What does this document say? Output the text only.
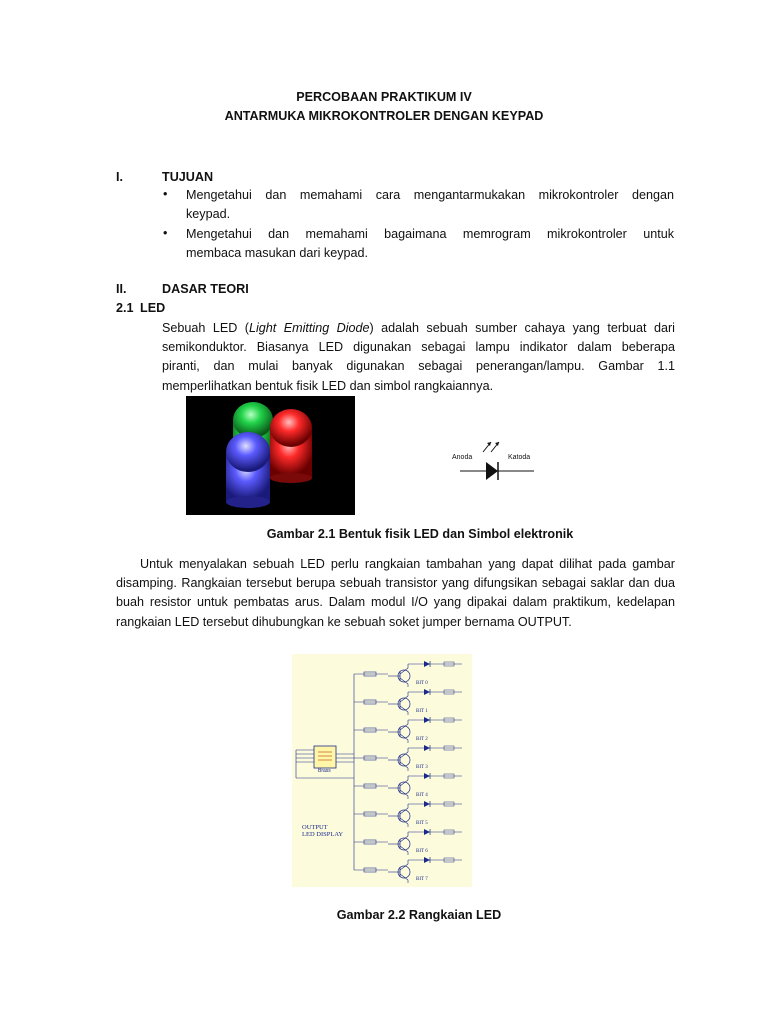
PERCOBAAN PRAKTIKUM IV
ANTARMUKA MIKROKONTROLER DENGAN KEYPAD
I.	TUJUAN
• Mengetahui dan memahami cara mengantarmukakan mikrokontroler dengan
keypad.
• Mengetahui dan memahami bagaimana memrogram mikrokontroler untuk
membaca masukan dari keypad.
II.	DASAR TEORI
2.1 LED
Sebuah LED (Light Emitting Diode) adalah sebuah sumber cahaya yang terbuat dari
semikonduktor. Biasanya LED digunakan sebagai lampu indikator dalam beberapa
piranti, dan mulai banyak digunakan sebagai penerangan/lampu. Gambar 1.1
memperlihatkan bentuk fisik LED dan simbol rangkaiannya.
Anoda	Katoda
Gambar 2.1 Bentuk fisik LED dan Simbol elektronik
Untuk menyalakan sebuah LED perlu rangkaian tambahan yang dapat dilihat pada gambar
disamping. Rangkaian tersebut berupa sebuah transistor yang difungsikan sebagai saklar dan dua
buah resistor untuk pembatas arus. Dalam modul I/O yang dipakai dalam praktikum, kedelapan
rangkaian LED tersebut dihubungkan ke sebuah soket jumper bernama OUTPUT.
BIT 0
BIT 1
BIT 2
BIT 3
BIT 4
BIT 5
BIT 6
BIT 7
Brass
OUTPUT
LED DISPLAY
Gambar 2.2 Rangkaian LED
